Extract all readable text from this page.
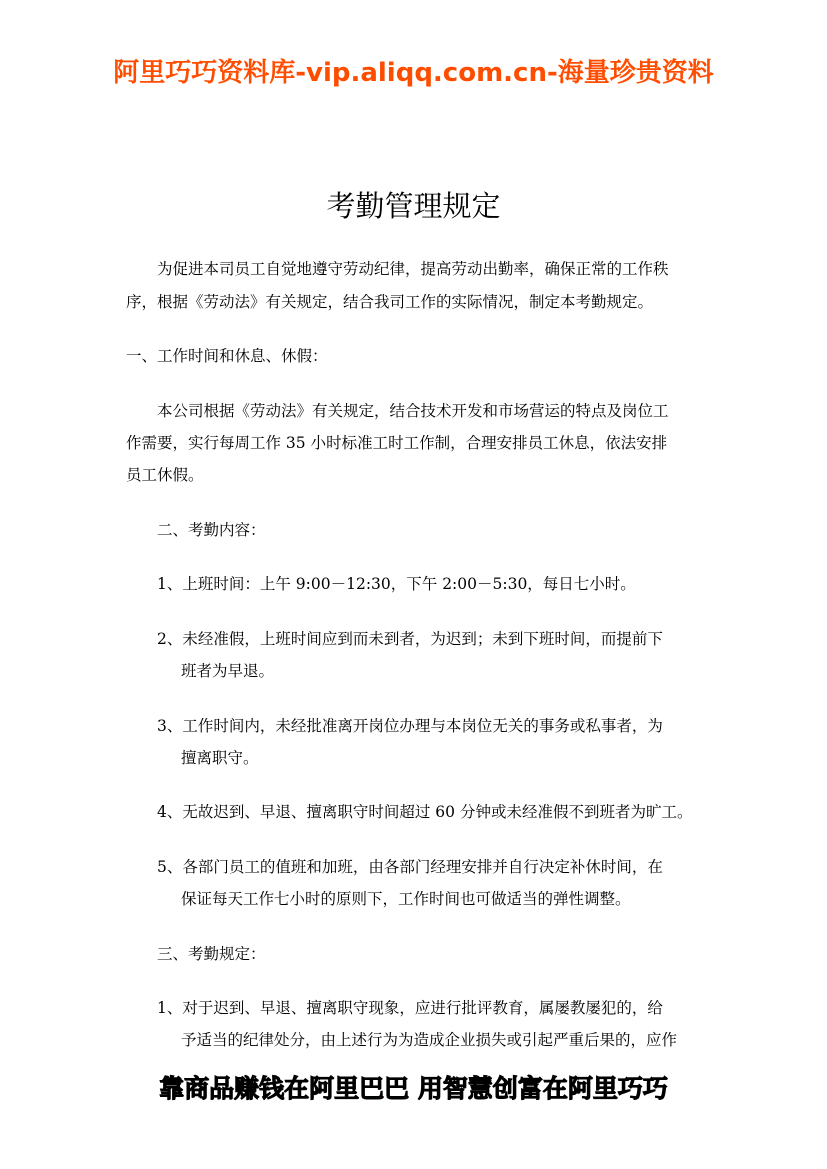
阿里巧巧资料库-vip.aliqq.com.cn-海量珍贵资料
考勤管理规定
为促进本司员工自觉地遵守劳动纪律，提高劳动出勤率，确保正常的工作秩
序，根据《劳动法》有关规定，结合我司工作的实际情况，制定本考勤规定。
一、工作时间和休息、休假：
本公司根据《劳动法》有关规定，结合技术开发和市场营运的特点及岗位工
作需要，实行每周工作 35 小时标准工时工作制，合理安排员工休息，依法安排
员工休假。
二、考勤内容：
1、上班时间：上午 9:00－12:30，下午 2:00－5:30，每日七小时。
2、未经准假，上班时间应到而未到者，为迟到；未到下班时间，而提前下
班者为早退。
3、工作时间内，未经批准离开岗位办理与本岗位无关的事务或私事者，为
擅离职守。
4、无故迟到、早退、擅离职守时间超过 60 分钟或未经准假不到班者为旷工。
5、各部门员工的值班和加班，由各部门经理安排并自行决定补休时间，在
保证每天工作七小时的原则下，工作时间也可做适当的弹性调整。
三、考勤规定：
1、对于迟到、早退、擅离职守现象，应进行批评教育，属屡教屡犯的，给
予适当的纪律处分，由上述行为为造成企业损失或引起严重后果的，应作
靠商品赚钱在阿里巴巴 用智慧创富在阿里巧巧
